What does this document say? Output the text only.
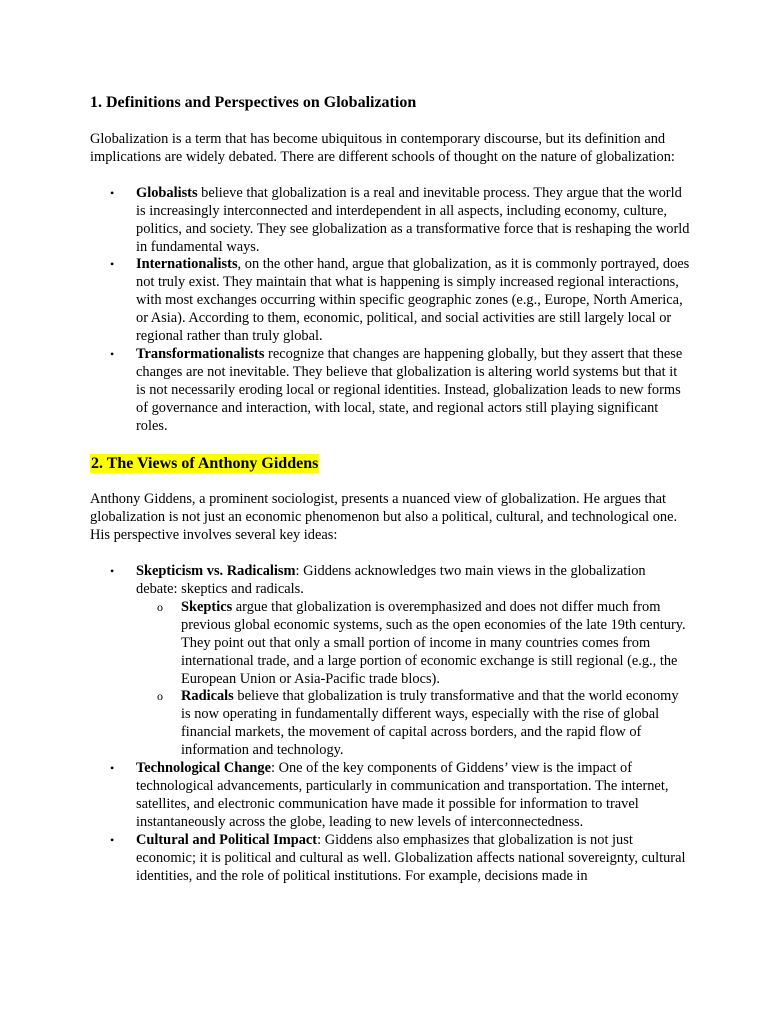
1. Definitions and Perspectives on Globalization

Globalization is a term that has become ubiquitous in contemporary discourse, but its definition and implications are widely debated. There are different schools of thought on the nature of globalization:

• Globalists believe that globalization is a real and inevitable process. They argue that the world is increasingly interconnected and interdependent in all aspects, including economy, culture, politics, and society. They see globalization as a transformative force that is reshaping the world in fundamental ways.
• Internationalists, on the other hand, argue that globalization, as it is commonly portrayed, does not truly exist. They maintain that what is happening is simply increased regional interactions, with most exchanges occurring within specific geographic zones (e.g., Europe, North America, or Asia). According to them, economic, political, and social activities are still largely local or regional rather than truly global.
• Transformationalists recognize that changes are happening globally, but they assert that these changes are not inevitable. They believe that globalization is altering world systems but that it is not necessarily eroding local or regional identities. Instead, globalization leads to new forms of governance and interaction, with local, state, and regional actors still playing significant roles.
2. The Views of Anthony Giddens

Anthony Giddens, a prominent sociologist, presents a nuanced view of globalization. He argues that globalization is not just an economic phenomenon but also a political, cultural, and technological one. His perspective involves several key ideas:

• Skepticism vs. Radicalism: Giddens acknowledges two main views in the globalization debate: skeptics and radicals.
o Skeptics argue that globalization is overemphasized and does not differ much from previous global economic systems, such as the open economies of the late 19th century. They point out that only a small portion of income in many countries comes from international trade, and a large portion of economic exchange is still regional (e.g., the European Union or Asia-Pacific trade blocs).
o Radicals believe that globalization is truly transformative and that the world economy is now operating in fundamentally different ways, especially with the rise of global financial markets, the movement of capital across borders, and the rapid flow of information and technology.
• Technological Change: One of the key components of Giddens’ view is the impact of technological advancements, particularly in communication and transportation. The internet, satellites, and electronic communication have made it possible for information to travel instantaneously across the globe, leading to new levels of interconnectedness.
• Cultural and Political Impact: Giddens also emphasizes that globalization is not just economic; it is political and cultural as well. Globalization affects national sovereignty, cultural identities, and the role of political institutions. For example, decisions made in
